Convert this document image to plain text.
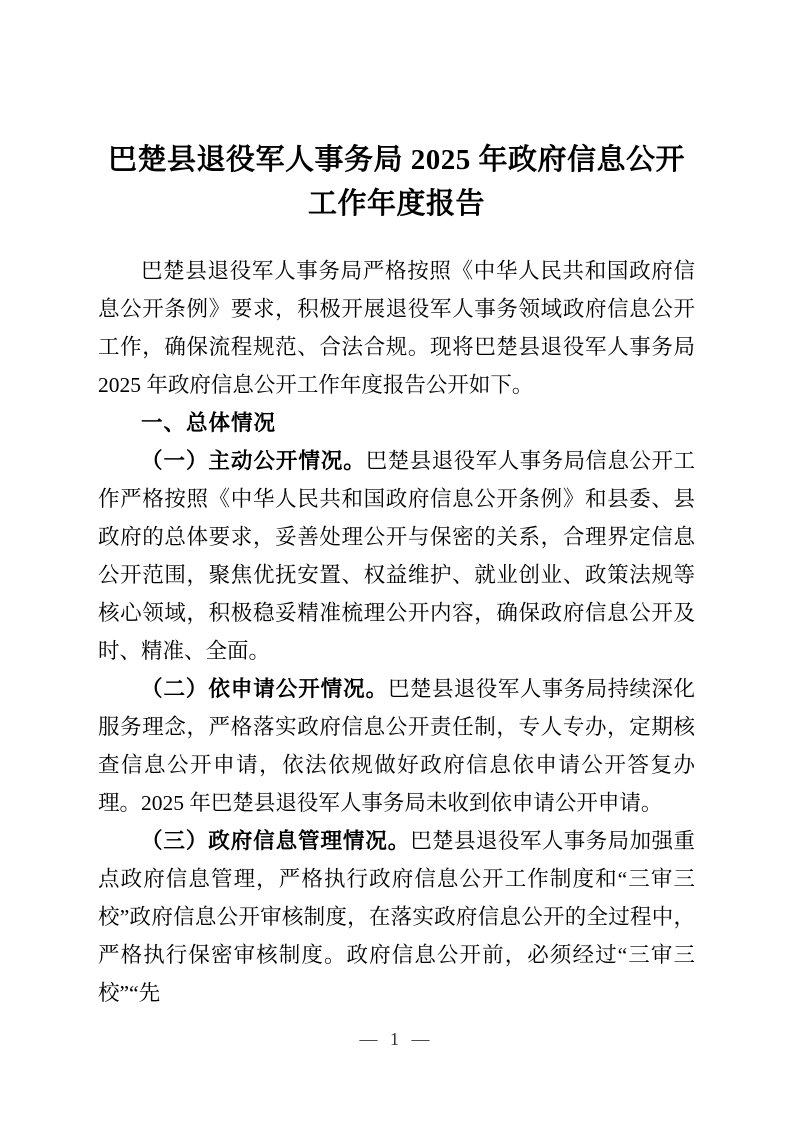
巴楚县退役军人事务局 2025 年政府信息公开
工作年度报告

巴楚县退役军人事务局严格按照《中华人民共和国政府信息公开条例》要求，积极开展退役军人事务领域政府信息公开工作，确保流程规范、合法合规。现将巴楚县退役军人事务局 2025 年政府信息公开工作年度报告公开如下。

一、总体情况

（一）主动公开情况。巴楚县退役军人事务局信息公开工作严格按照《中华人民共和国政府信息公开条例》和县委、县政府的总体要求，妥善处理公开与保密的关系，合理界定信息公开范围，聚焦优抚安置、权益维护、就业创业、政策法规等核心领域，积极稳妥精准梳理公开内容，确保政府信息公开及时、精准、全面。

（二）依申请公开情况。巴楚县退役军人事务局持续深化服务理念，严格落实政府信息公开责任制，专人专办，定期核查信息公开申请，依法依规做好政府信息依申请公开答复办理。2025 年巴楚县退役军人事务局未收到依申请公开申请。

（三）政府信息管理情况。巴楚县退役军人事务局加强重点政府信息管理，严格执行政府信息公开工作制度和“三审三校”政府信息公开审核制度，在落实政府信息公开的全过程中，严格执行保密审核制度。政府信息公开前，必须经过“三审三校”“先

— 1 —
